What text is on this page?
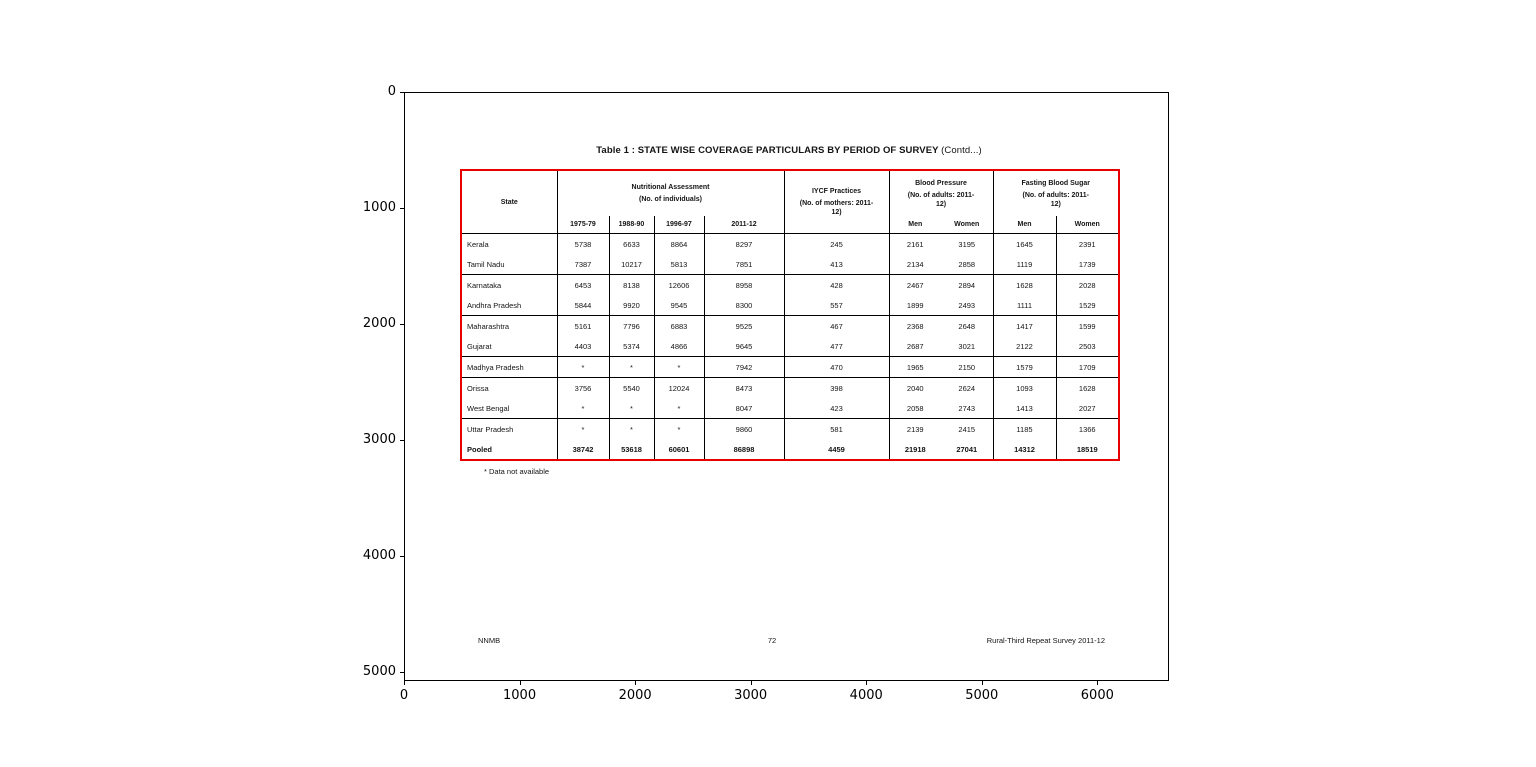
Table 1 : STATE WISE COVERAGE PARTICULARS BY PERIOD OF SURVEY (Contd...)
State	
Nutritional Assessment
(No. of individuals)

IYCF Practices
(No. of mothers: 2011-12)

Blood Pressure
(No. of adults: 2011-12)

Fasting Blood Sugar
(No. of adults: 2011-12)

	1975-79	1988-90	1996-97	2011-12		Men	Women	Men	Women
Kerala	5738	6633	8864	8297	245	2161	3195	1645	2391
Tamil Nadu	7387	10217	5813	7851	413	2134	2858	1119	1739
Karnataka	6453	8138	12606	8958	428	2467	2894	1628	2028
Andhra Pradesh	5844	9920	9545	8300	557	1899	2493	1111	1529
Maharashtra	5161	7796	6883	9525	467	2368	2648	1417	1599
Gujarat	4403	5374	4866	9645	477	2687	3021	2122	2503
Madhya Pradesh	*	*	*	7942	470	1965	2150	1579	1709
Orissa	3756	5540	12024	8473	398	2040	2624	1093	1628
West Bengal	*	*	*	8047	423	2058	2743	1413	2027
Uttar Pradesh	*	*	*	9860	581	2139	2415	1185	1366
Pooled	38742	53618	60601	86898	4459	21918	27041	14312	18519
* Data not available
NNMB	72	Rural-Third Repeat Survey 2011-12
0	1000	2000	3000	4000	5000	6000
0
1000
2000
3000
4000
5000
